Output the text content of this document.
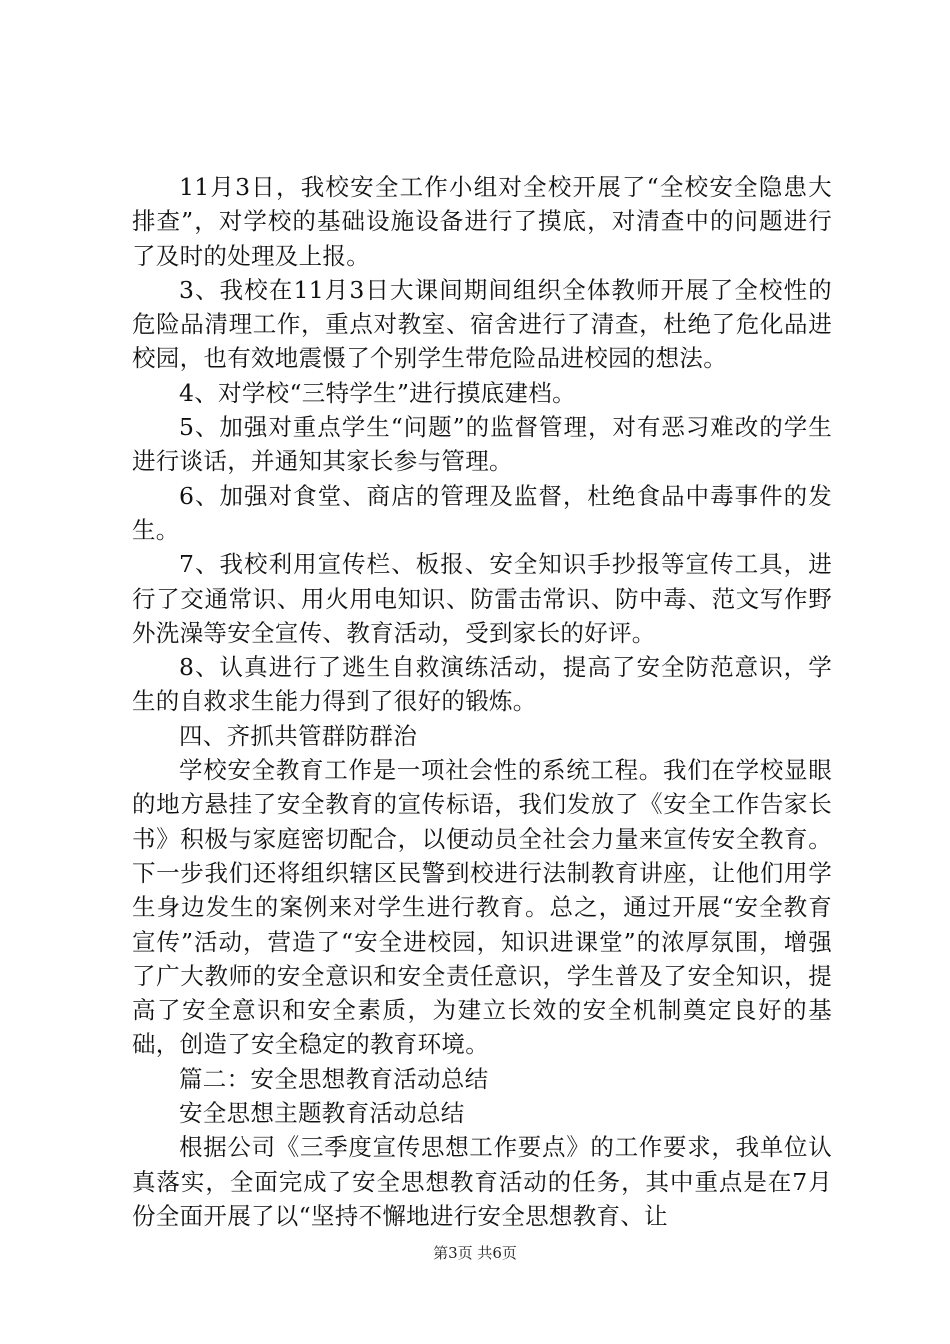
11月3日，我校安全工作小组对全校开展了“全校安全隐患大排查”，对学校的基础设施设备进行了摸底，对清查中的问题进行了及时的处理及上报。

3、我校在11月3日大课间期间组织全体教师开展了全校性的危险品清理工作，重点对教室、宿舍进行了清查，杜绝了危化品进校园，也有效地震慑了个别学生带危险品进校园的想法。

4、对学校“三特学生”进行摸底建档。

5、加强对重点学生“问题”的监督管理，对有恶习难改的学生进行谈话，并通知其家长参与管理。

6、加强对食堂、商店的管理及监督，杜绝食品中毒事件的发生。

7、我校利用宣传栏、板报、安全知识手抄报等宣传工具，进行了交通常识、用火用电知识、防雷击常识、防中毒、范文写作野外洗澡等安全宣传、教育活动，受到家长的好评。

8、认真进行了逃生自救演练活动，提高了安全防范意识，学生的自救求生能力得到了很好的锻炼。

四、齐抓共管群防群治

学校安全教育工作是一项社会性的系统工程。我们在学校显眼的地方悬挂了安全教育的宣传标语，我们发放了《安全工作告家长书》积极与家庭密切配合，以便动员全社会力量来宣传安全教育。下一步我们还将组织辖区民警到校进行法制教育讲座，让他们用学生身边发生的案例来对学生进行教育。总之，通过开展“安全教育宣传”活动，营造了“安全进校园，知识进课堂”的浓厚氛围，增强了广大教师的安全意识和安全责任意识，学生普及了安全知识，提高了安全意识和安全素质，为建立长效的安全机制奠定良好的基础，创造了安全稳定的教育环境。

篇二：安全思想教育活动总结

安全思想主题教育活动总结

根据公司《三季度宣传思想工作要点》的工作要求，我单位认真落实，全面完成了安全思想教育活动的任务，其中重点是在7月份全面开展了以“坚持不懈地进行安全思想教育、让

第3页 共6页
